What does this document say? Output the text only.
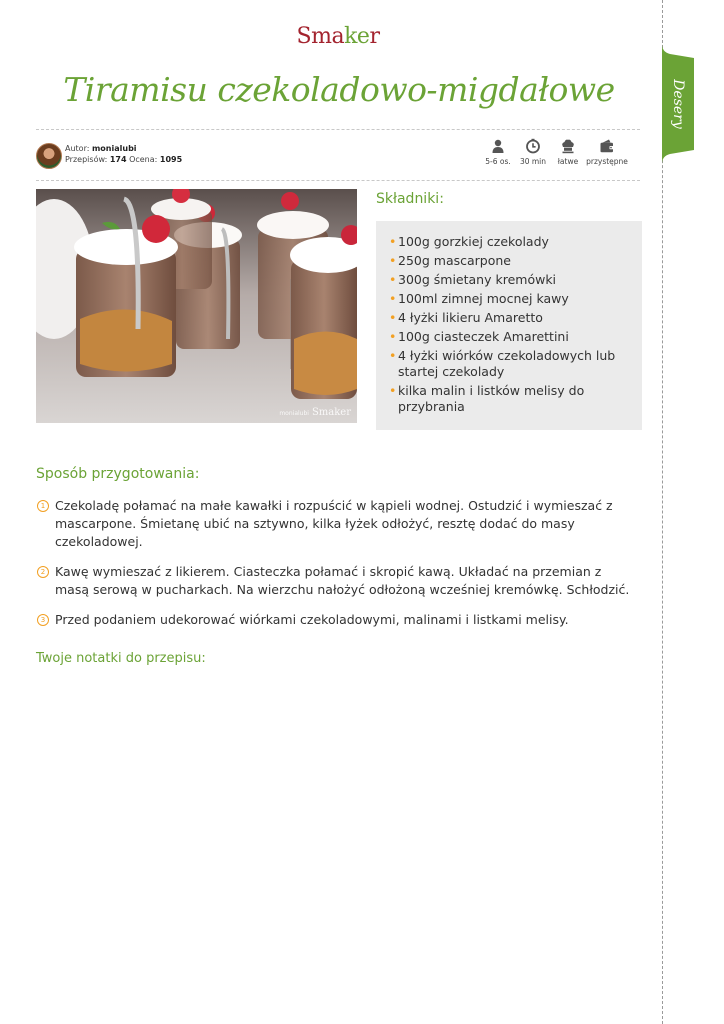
Desery
Smaker
Tiramisu czekoladowo-migdałowe
Autor: monialubi
Przepisów: 174 Ocena: 1095	5-6 os.	30 min	łatwe	przystępne
monialubi Smaker
Składniki:
• 100g gorzkiej czekolady
• 250g mascarpone
• 300g śmietany kremówki
• 100ml zimnej mocnej kawy
• 4 łyżki likieru Amaretto
• 100g ciasteczek Amarettini
• 4 łyżki wiórków czekoladowych lub startej czekolady
• kilka malin i listków melisy do przybrania
Sposób przygotowania:
1 Czekoladę połamać na małe kawałki i rozpuścić w kąpieli wodnej. Ostudzić i wymieszać z mascarpone. Śmietanę ubić na sztywno, kilka łyżek odłożyć, resztę dodać do masy czekoladowej.
2 Kawę wymieszać z likierem. Ciasteczka połamać i skropić kawą. Układać na przemian z masą serową w pucharkach. Na wierzchu nałożyć odłożoną wcześniej kremówkę. Schłodzić.
3 Przed podaniem udekorować wiórkami czekoladowymi, malinami i listkami melisy.
Twoje notatki do przepisu:
